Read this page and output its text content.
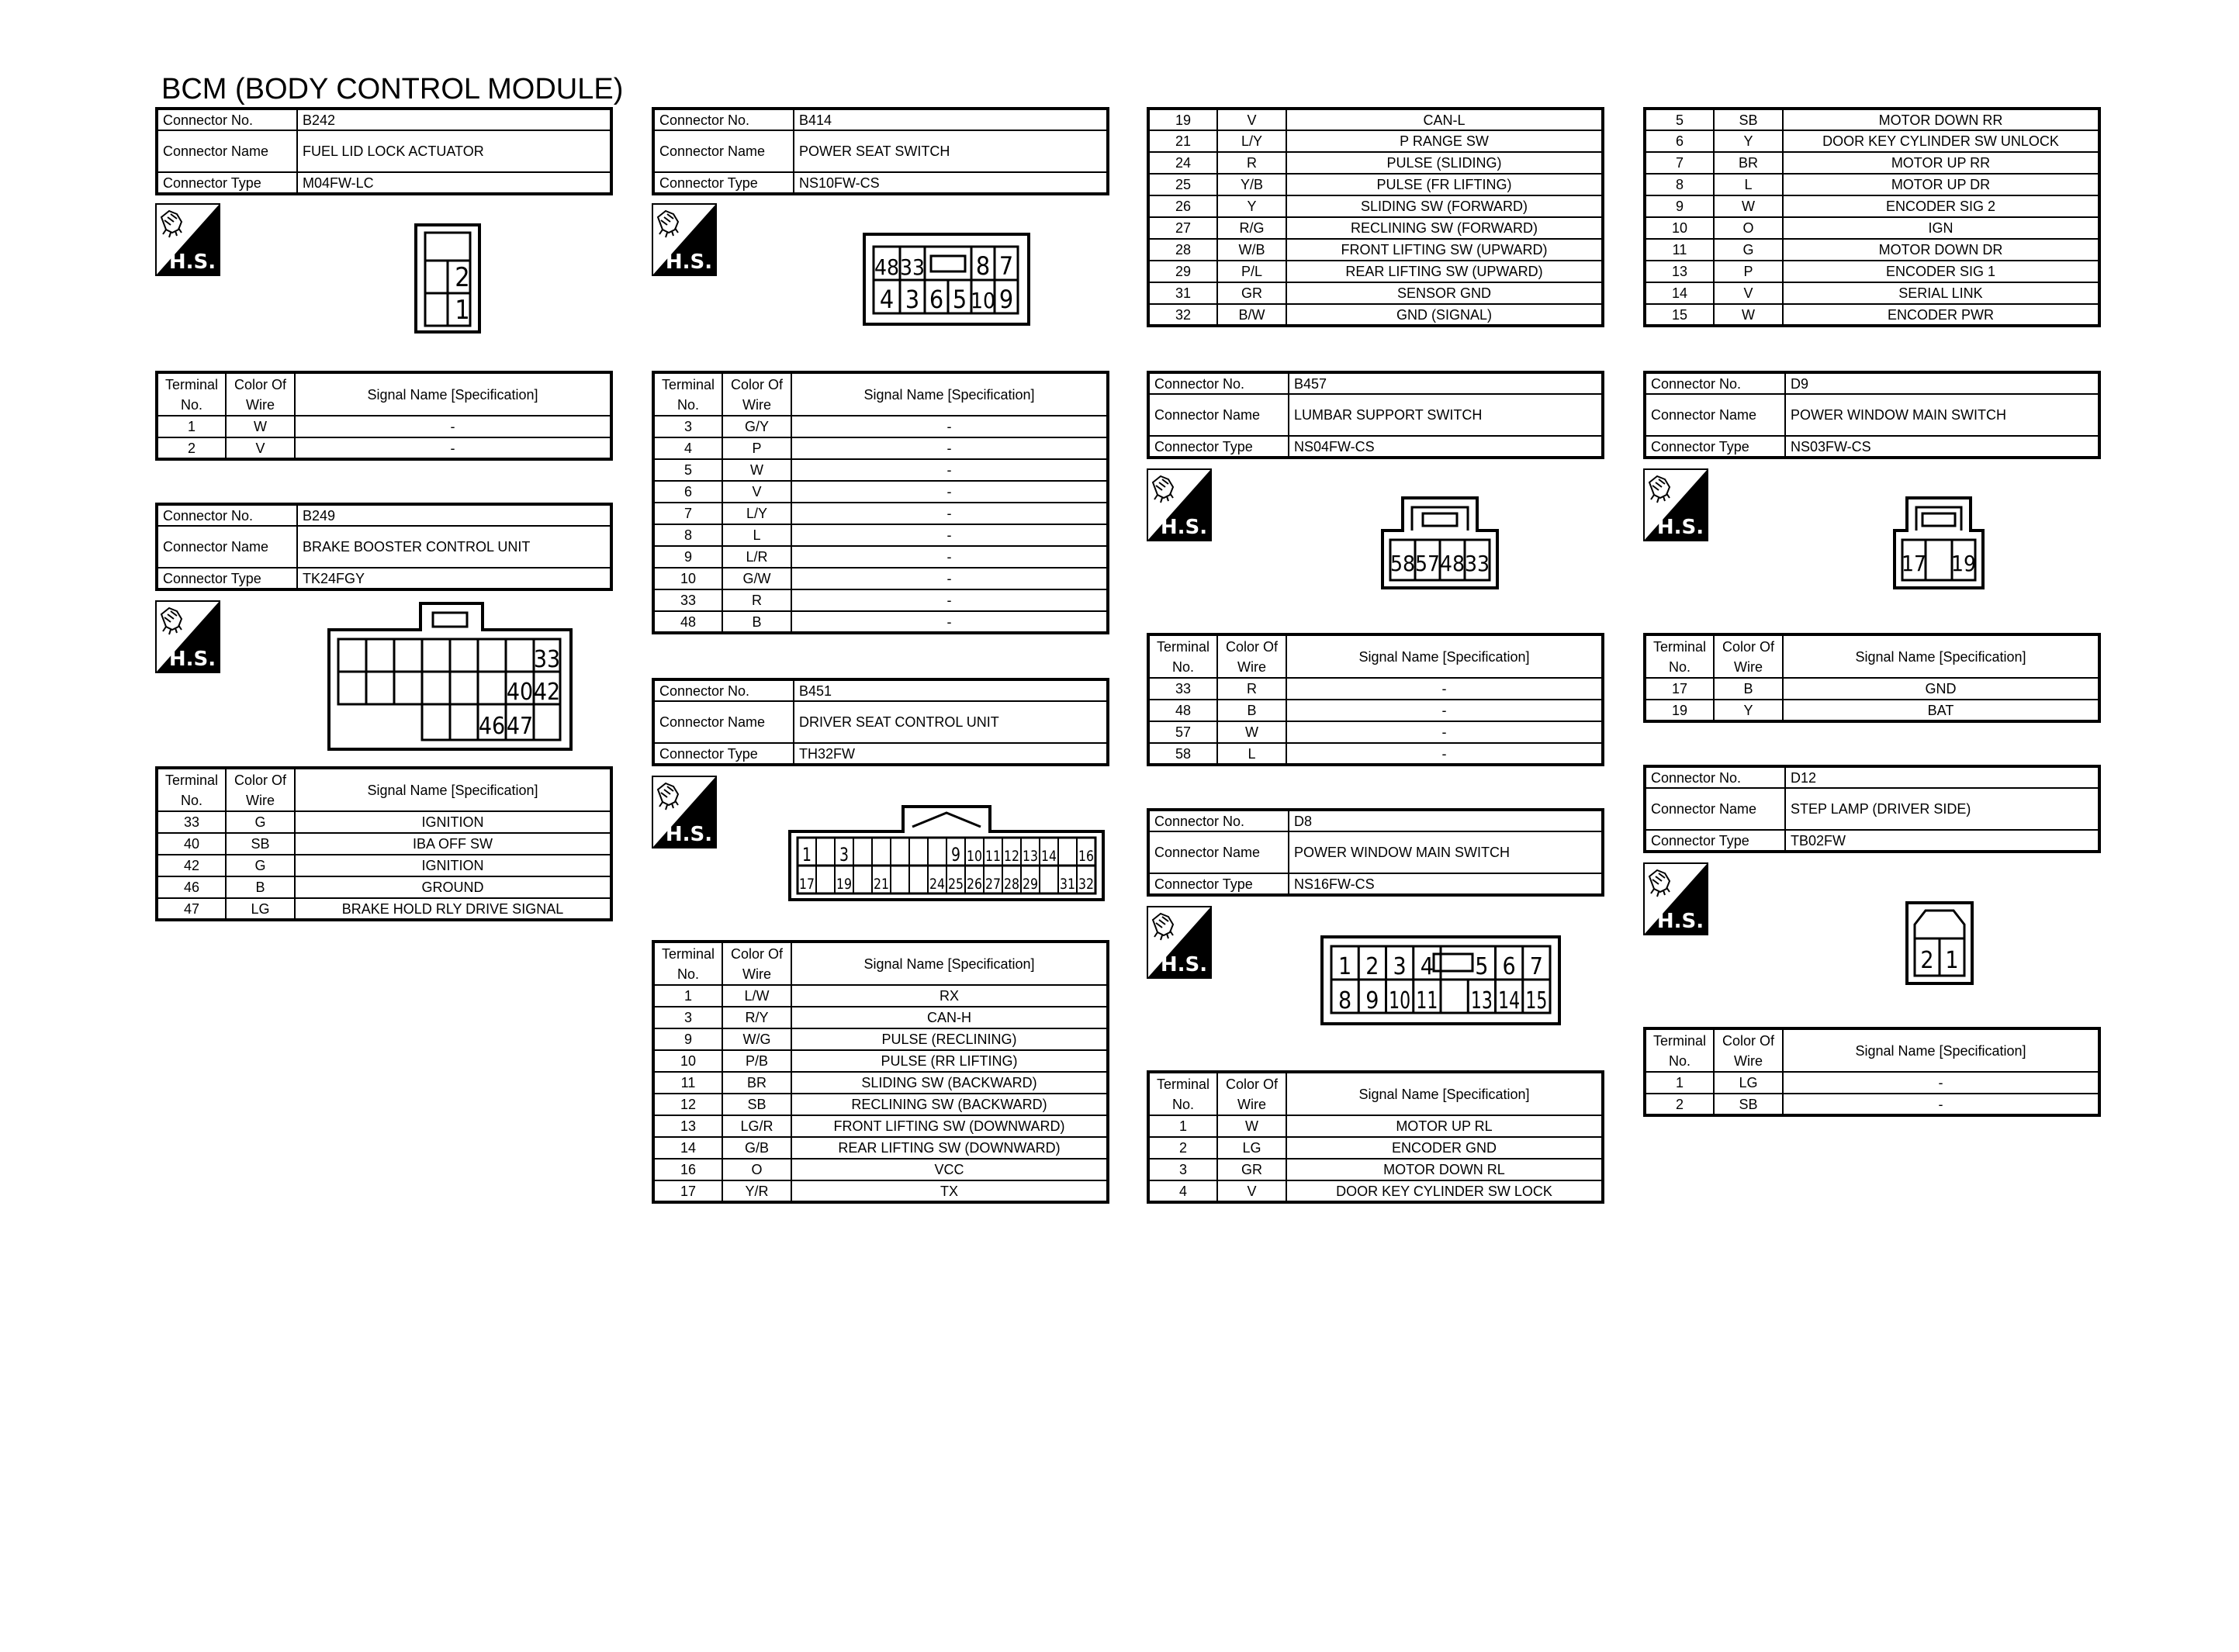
BCM (BODY CONTROL MODULE)
Connector No.	B242
Connector Name	FUEL LID LOCK ACTUATOR
Connector Type	M04FW-LC
H.S.	2
1
Terminal
No.	Color Of
Wire	Signal Name [Specification]
1	W	-
2	V	-
Connector No.	B249
Connector Name	BRAKE BOOSTER CONTROL UNIT
Connector Type	TK24FGY
H.S.	33
40 42
46 47
Terminal
No.	Color Of
Wire	Signal Name [Specification]
33	G	IGNITION
40	SB	IBA OFF SW
42	G	IGNITION
46	B	GROUND
47	LG	BRAKE HOLD RLY DRIVE SIGNAL
Connector No.	B414
Connector Name	POWER SEAT SWITCH
Connector Type	NS10FW-CS
H.S.	48 33 8 7
4 3 6 5 10 9
Terminal
No.	Color Of
Wire	Signal Name [Specification]
3	G/Y	-
4	P	-
5	W	-
6	V	-
7	L/Y	-
8	L	-
9	L/R	-
10	G/W	-
33	R	-
48	B	-
Connector No.	B451
Connector Name	DRIVER SEAT CONTROL UNIT
Connector Type	TH32FW
H.S.
1 3	9 10 11 12 13 14 16
17 19 21	24 25 26 27 28 29 31 32
Terminal
No.	Color Of
Wire	Signal Name [Specification]
1	L/W	RX
3	R/Y	CAN-H
9	W/G	PULSE (RECLINING)
10	P/B	PULSE (RR LIFTING)
11	BR	SLIDING SW (BACKWARD)
12	SB	RECLINING SW (BACKWARD)
13	LG/R	FRONT LIFTING SW (DOWNWARD)
14	G/B	REAR LIFTING SW (DOWNWARD)
16	O	VCC
17	Y/R	TX
19	V	CAN-L
21	L/Y	P RANGE SW
24	R	PULSE (SLIDING)
25	Y/B	PULSE (FR LIFTING)
26	Y	SLIDING SW (FORWARD)
27	R/G	RECLINING SW (FORWARD)
28	W/B	FRONT LIFTING SW (UPWARD)
29	P/L	REAR LIFTING SW (UPWARD)
31	GR	SENSOR GND
32	B/W	GND (SIGNAL)
Connector No.	B457
Connector Name	LUMBAR SUPPORT SWITCH
Connector Type	NS04FW-CS
H.S.
58 57 48 33
Terminal
No.	Color Of
Wire	Signal Name [Specification]
33	R	-
48	B	-
57	W	-
58	L	-
Connector No.	D8
Connector Name	POWER WINDOW MAIN SWITCH
Connector Type	NS16FW-CS
H.S.	1 2 3 4 5 6 7
8 9 10 11 13 14 15
Terminal
No.	Color Of
Wire	Signal Name [Specification]
1	W	MOTOR UP RL
2	LG	ENCODER GND
3	GR	MOTOR DOWN RL
4	V	DOOR KEY CYLINDER SW LOCK
5	SB	MOTOR DOWN RR
6	Y	DOOR KEY CYLINDER SW UNLOCK
7	BR	MOTOR UP RR
8	L	MOTOR UP DR
9	W	ENCODER SIG 2
10	O	IGN
11	G	MOTOR DOWN DR
13	P	ENCODER SIG 1
14	V	SERIAL LINK
15	W	ENCODER PWR
Connector No.	D9
Connector Name	POWER WINDOW MAIN SWITCH
Connector Type	NS03FW-CS
H.S.
17 19
Terminal
No.	Color Of
Wire	Signal Name [Specification]
17	B	GND
19	Y	BAT
Connector No.	D12
Connector Name	STEP LAMP (DRIVER SIDE)
Connector Type	TB02FW
H.S.
2 1
Terminal
No.	Color Of
Wire	Signal Name [Specification]
1	LG	-
2	SB	-
